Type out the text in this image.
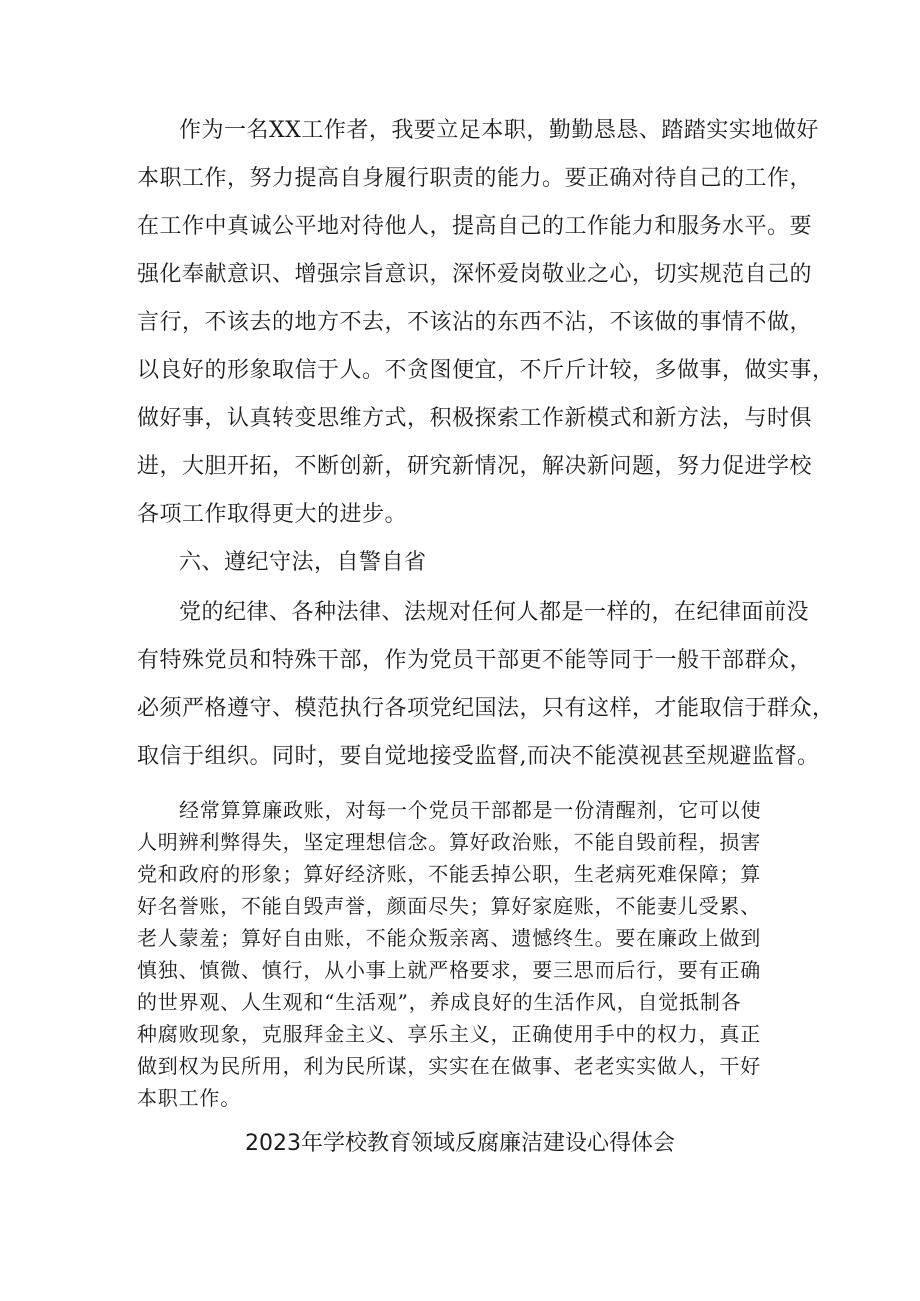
作为一名XX工作者，我要立足本职，勤勤恳恳、踏踏实实地做好
本职工作，努力提高自身履行职责的能力。要正确对待自己的工作，
在工作中真诚公平地对待他人，提高自己的工作能力和服务水平。要
强化奉献意识、增强宗旨意识，深怀爱岗敬业之心，切实规范自己的
言行，不该去的地方不去，不该沾的东西不沾，不该做的事情不做，
以良好的形象取信于人。不贪图便宜，不斤斤计较，多做事，做实事，
做好事，认真转变思维方式，积极探索工作新模式和新方法，与时俱
进，大胆开拓，不断创新，研究新情况，解决新问题，努力促进学校
各项工作取得更大的进步。
六、遵纪守法，自警自省
党的纪律、各种法律、法规对任何人都是一样的，在纪律面前没
有特殊党员和特殊干部，作为党员干部更不能等同于一般干部群众，
必须严格遵守、模范执行各项党纪国法，只有这样，才能取信于群众，
取信于组织。同时，要自觉地接受监督,而决不能漠视甚至规避监督。
经常算算廉政账，对每一个党员干部都是一份清醒剂，它可以使
人明辨利弊得失，坚定理想信念。算好政治账，不能自毁前程，损害
党和政府的形象；算好经济账，不能丢掉公职，生老病死难保障；算
好名誉账，不能自毁声誉，颜面尽失；算好家庭账，不能妻儿受累、
老人蒙羞；算好自由账，不能众叛亲离、遗憾终生。要在廉政上做到
慎独、慎微、慎行，从小事上就严格要求，要三思而后行，要有正确
的世界观、人生观和“生活观”，养成良好的生活作风，自觉抵制各
种腐败现象，克服拜金主义、享乐主义，正确使用手中的权力，真正
做到权为民所用，利为民所谋，实实在在做事、老老实实做人，干好
本职工作。
2023年学校教育领域反腐廉洁建设心得体会
